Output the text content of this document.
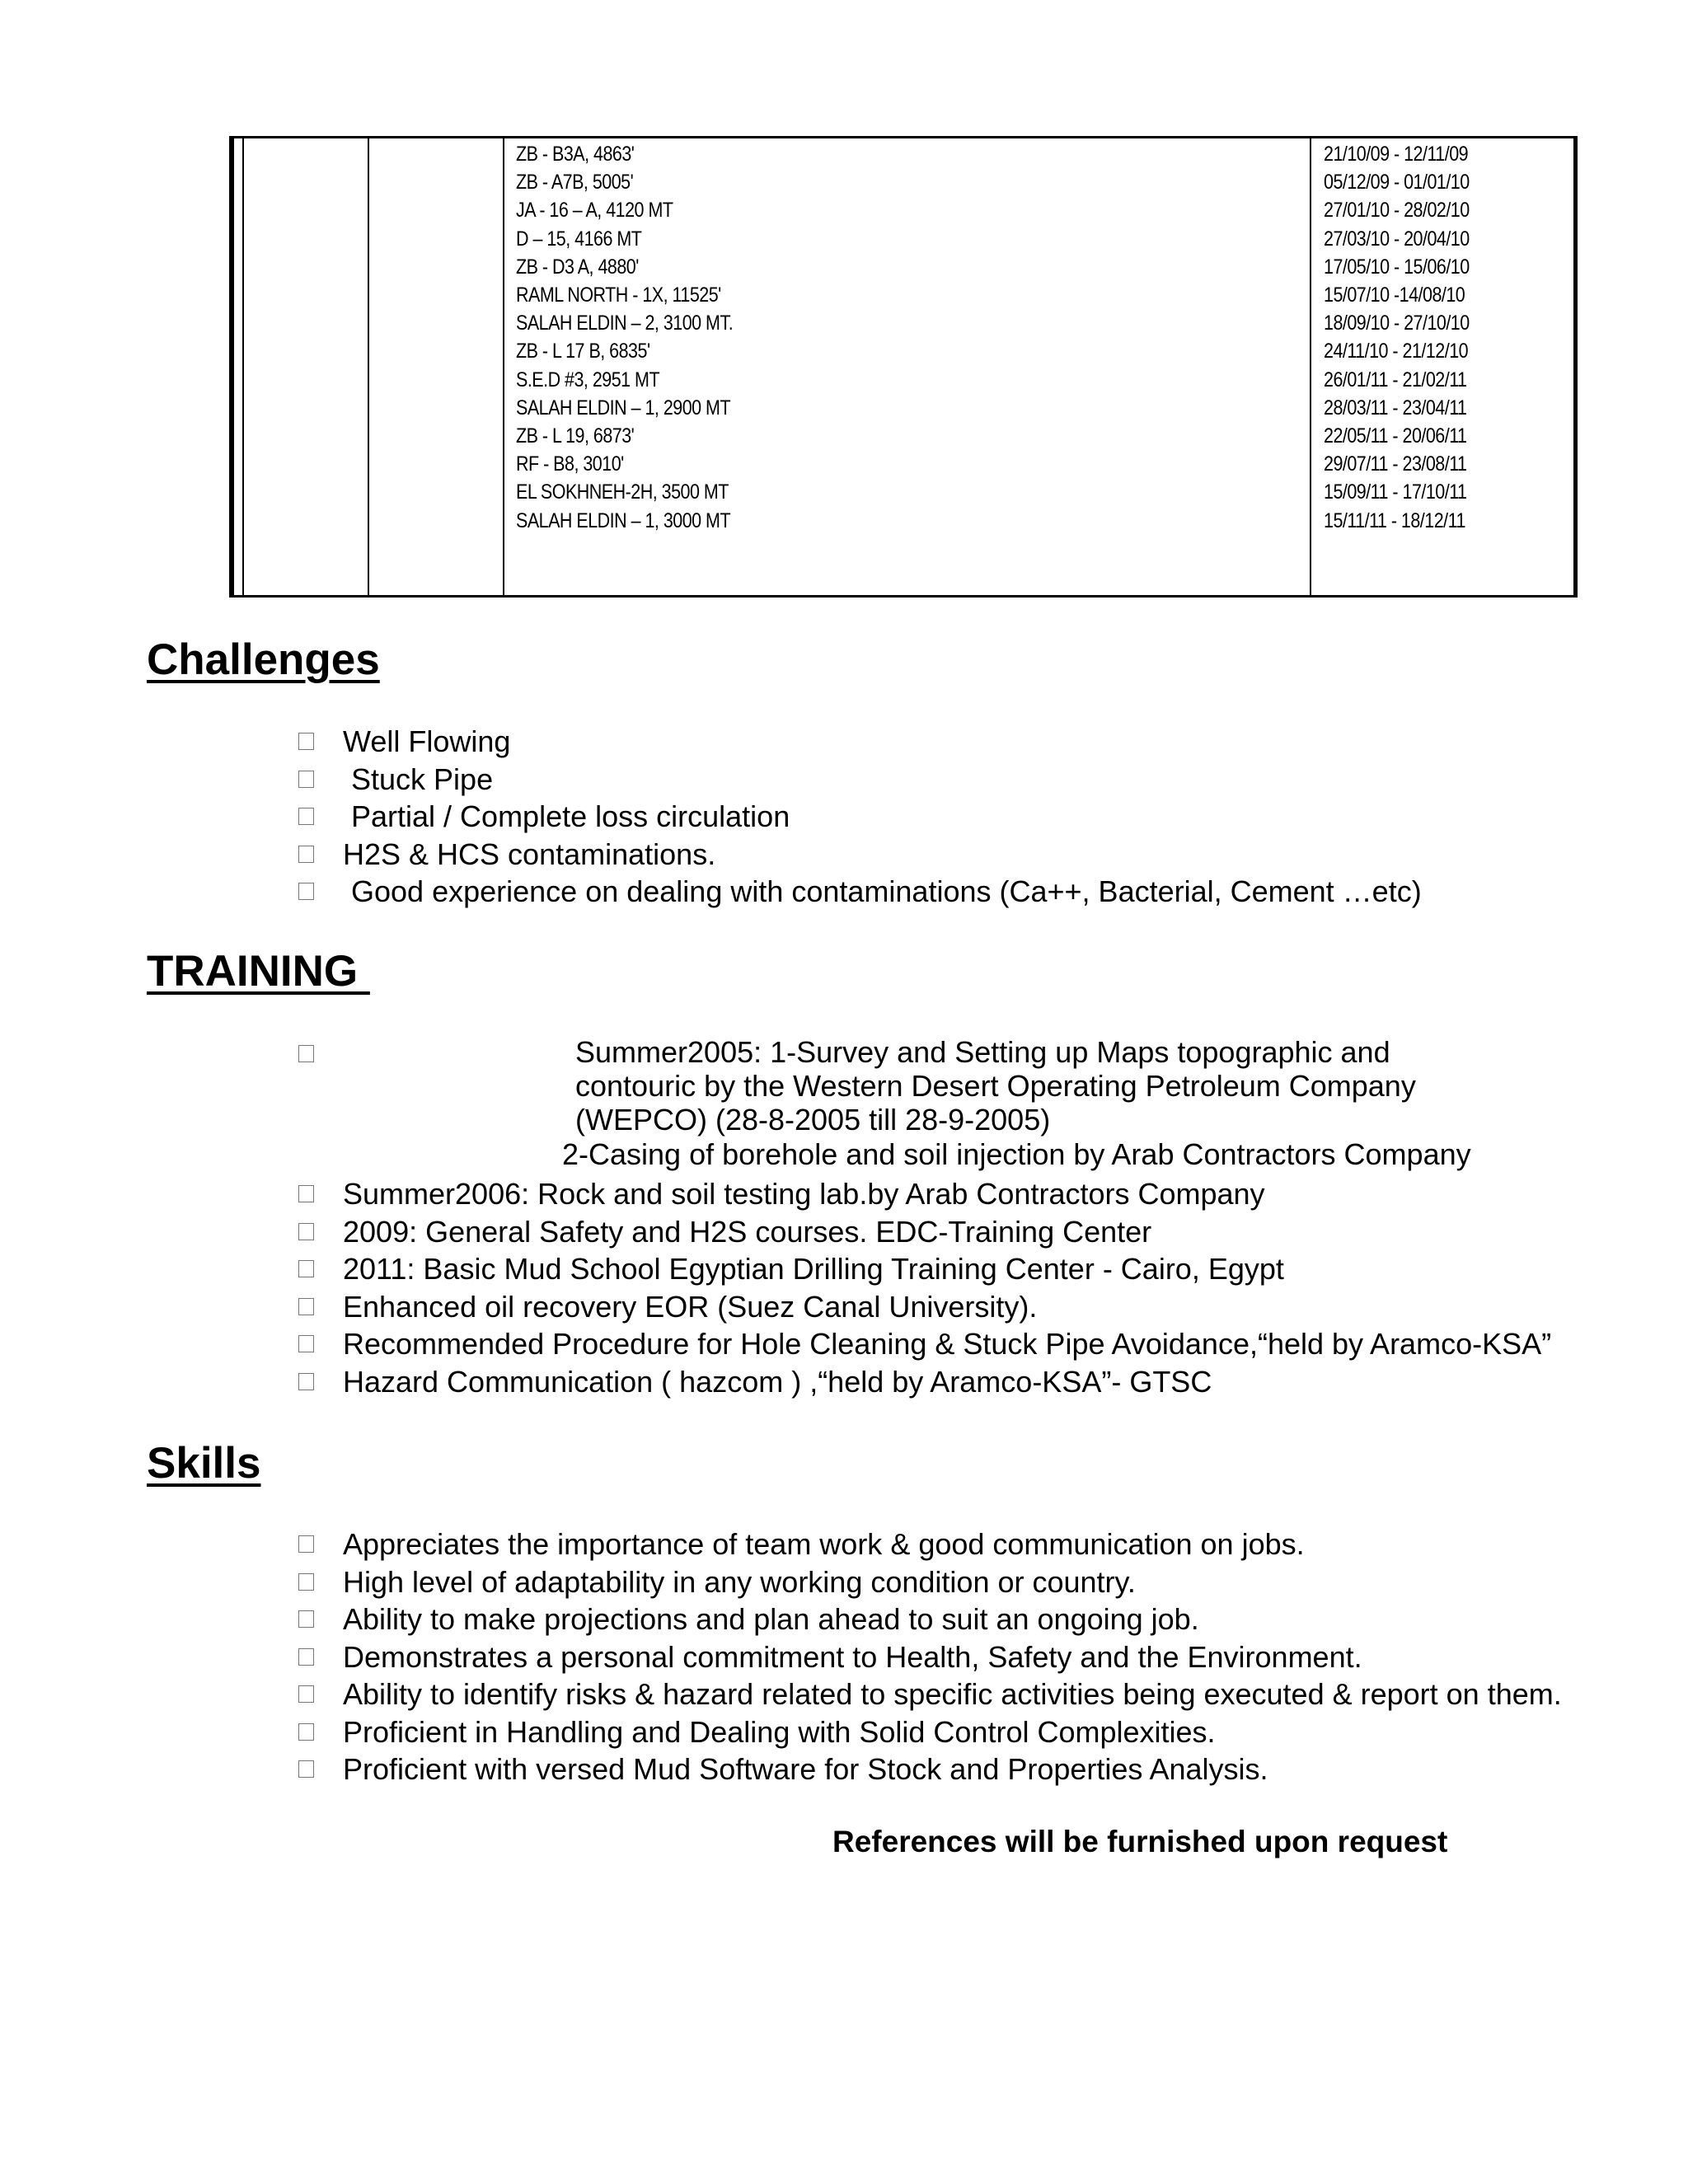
ZB - B3A, 4863'
ZB - A7B, 5005'
JA - 16 – A, 4120 MT
D – 15, 4166 MT
ZB - D3 A, 4880'
RAML NORTH - 1X, 11525'
SALAH ELDIN – 2, 3100 MT.
ZB - L 17 B, 6835'
S.E.D #3, 2951 MT
SALAH ELDIN – 1, 2900 MT
ZB - L 19, 6873'
RF - B8, 3010'
EL SOKHNEH-2H, 3500 MT
SALAH ELDIN – 1, 3000 MT
21/10/09 - 12/11/09
05/12/09 - 01/01/10
27/01/10 - 28/02/10
27/03/10 - 20/04/10
17/05/10 - 15/06/10
15/07/10 -14/08/10
18/09/10 - 27/10/10
24/11/10 - 21/12/10
26/01/11 - 21/02/11
28/03/11 - 23/04/11
22/05/11 - 20/06/11
29/07/11 - 23/08/11
15/09/11 - 17/10/11
15/11/11 - 18/12/11
Challenges
Well Flowing
Stuck Pipe
Partial / Complete loss circulation
H2S & HCS contaminations.
Good experience on dealing with contaminations (Ca++, Bacterial, Cement …etc)
TRAINING
Summer2005: 1-Survey and Setting up Maps topographic and
contouric by the Western Desert Operating Petroleum Company
(WEPCO) (28-8-2005 till 28-9-2005)
2-Casing of borehole and soil injection by Arab Contractors Company
Summer2006: Rock and soil testing lab.by Arab Contractors Company
2009: General Safety and H2S courses. EDC-Training Center
2011: Basic Mud School Egyptian Drilling Training Center - Cairo, Egypt
Enhanced oil recovery EOR (Suez Canal University).
Recommended Procedure for Hole Cleaning & Stuck Pipe Avoidance,“held by Aramco-KSA”
Hazard Communication ( hazcom ) ,“held by Aramco-KSA”- GTSC
Skills
Appreciates the importance of team work & good communication on jobs.
High level of adaptability in any working condition or country.
Ability to make projections and plan ahead to suit an ongoing job.
Demonstrates a personal commitment to Health, Safety and the Environment.
Ability to identify risks & hazard related to specific activities being executed & report on them.
Proficient in Handling and Dealing with Solid Control Complexities.
Proficient with versed Mud Software for Stock and Properties Analysis.
References will be furnished upon request
